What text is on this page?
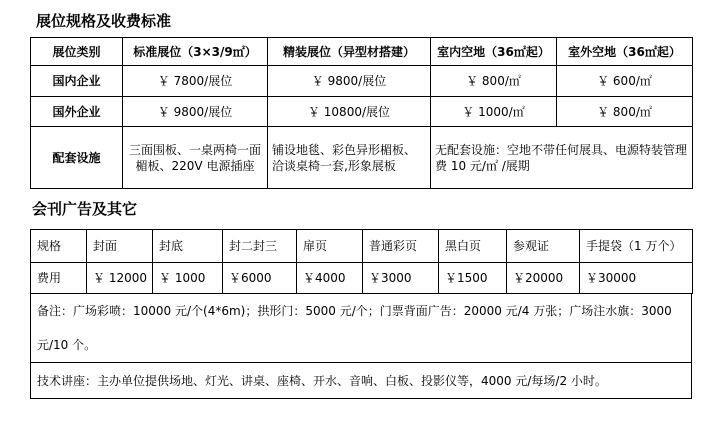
展位规格及收费标准
展位类别	标准展位（3×3/9㎡）	精装展位（异型材搭建）	室内空地（36㎡起）	室外空地（36㎡起）
国内企业	￥ 7800/展位	￥ 9800/展位	￥ 800/㎡	￥ 600/㎡
国外企业	￥ 9800/展位	￥ 10800/展位	￥ 1000/㎡	￥ 800/㎡
配套设施	三面围板、一桌两椅一面楣板、220V 电源插座	铺设地毯、彩色异形楣板、洽谈桌椅一套,形象展板	无配套设施：空地不带任何展具、电源特装管理费 10 元/㎡ /展期	
会刊广告及其它
规格	封面	封底	封二封三	扉页	普通彩页	黑白页	参观证	手提袋（1 万个）
费用	￥ 12000	￥ 1000	￥6000	￥4000	￥3000	￥1500	￥20000	￥30000
备注：广场彩喷：10000 元/个(4*6m)；拱形门：5000 元/个；门票背面广告：20000 元/4 万张；广场注水旗：3000 元/10 个。
技术讲座：主办单位提供场地、灯光、讲桌、座椅、开水、音响、白板、投影仪等，4000 元/每场/2 小时。
